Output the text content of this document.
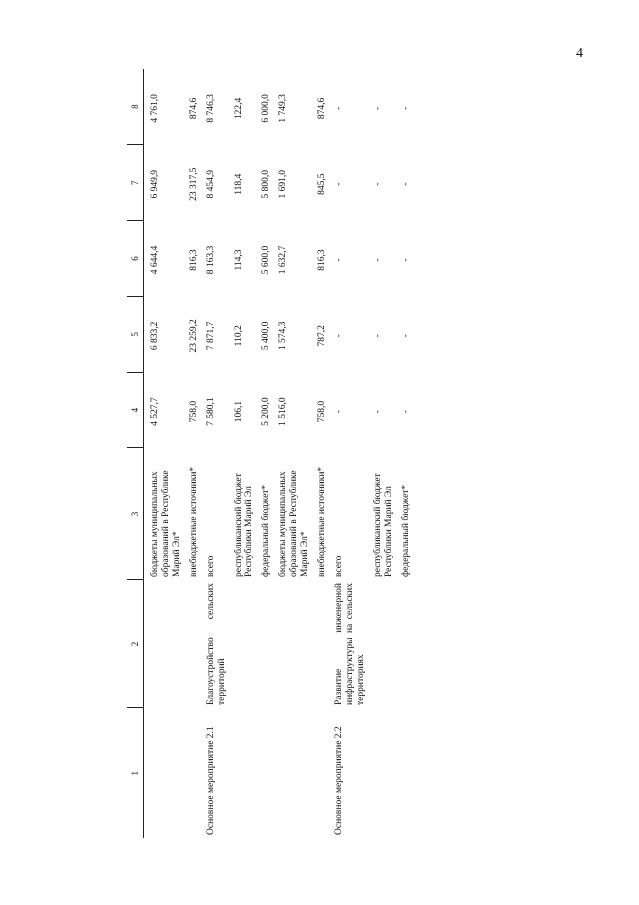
4
1	2	3	4	5	6	7	8
		бюджеты муниципальных образований в Республике Марий Эл*	4 527,7	6 833,2	4 644,4	6 949,9	4 761,0
		внебюджетные источники*	758,0	23 259,2	816,3	23 317,5	874,6
Основное мероприятие 2.1	Благоустройство сельских территорий	всего	7 580,1	7 871,7	8 163,3	8 454,9	8 746,3
		республиканский бюджет Республики Марий Эл	106,1	110,2	114,3	118,4	122,4
		федеральный бюджет*	5 200,0	5 400,0	5 600,0	5 800,0	6 000,0
		бюджеты муниципальных образований в Республике Марий Эл*	1 516,0	1 574,3	1 632,7	1 691,0	1 749,3
		внебюджетные источники*	758,0	787,2	816,3	845,5	874,6
Основное мероприятие 2.2	Развитие инженерной инфраструктуры на сельских территориях	всего	-	-	-	-	-
		республиканский бюджет Республики Марий Эл	-	-	-	-	-
		федеральный бюджет*	-	-	-	-	-
